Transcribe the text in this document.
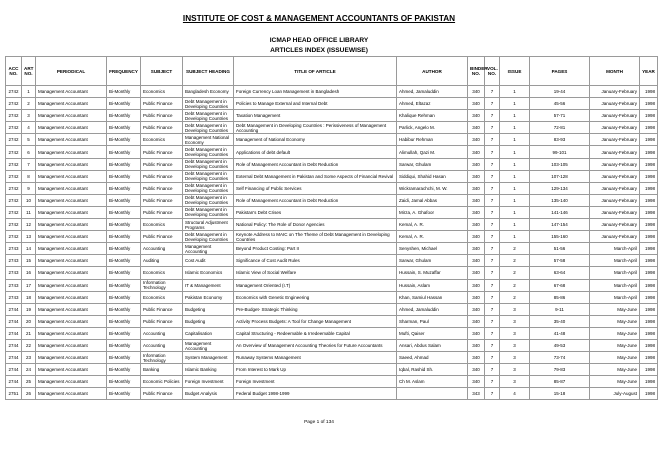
INSTITUTE OF COST & MANAGEMENT ACCOUNTANTS OF PAKISTAN
ICMAP HEAD OFFICE LIBRARY
ARTICLES INDEX (ISSUEWISE)
ACC NO.	ART NO.	PERIODICAL	FREQUENCY	SUBJECT	SUBJECT HEADING	TITLE OF ARTICLE	AUTHOR	BINDER NO.	VOL. NO.	ISSUE	PAGES	MONTH	YEAR
2742	1	Management Accountant	Bi-Monthly	Economics	Bangladesh Economy	Foreign Currency Loan Management in Bangladesh	Ahmed, Jamaluddin	340	7	1	19-44	January-February	1998
2742	2	Management Accountant	Bi-Monthly	Public Finance	Debt Management in Developing Countries	Policies to Manage External and Internal Debt	Ahmed, Eltazaz	340	7	1	45-56	January-February	1998
2742	3	Management Accountant	Bi-Monthly	Public Finance	Debt Management in Developing Countries	Taxation Management	Khalique Rehman	340	7	1	57-71	January-February	1998
2742	4	Management Accountant	Bi-Monthly	Public Finance	Debt Management in Developing Countries	Debt Management in Developing Countries : Perissiveness of Management Accounting	Parlick, Angelo M.	340	7	1	72-81	January-February	1998
2742	5	Management Accountant	Bi-Monthly	Economics	Management National Economy	Management of National Economy	Habibur Rehman	340	7	1	83-93	January-February	1998
2742	6	Management Accountant	Bi-Monthly	Public Finance	Debt Management in Developing Countries	Applications of debt default	Alimullah, Qazi M.	340	7	1	99-101	January-February	1998
2742	7	Management Accountant	Bi-Monthly	Public Finance	Debt Management in Developing Countries	Role of Management Accountant in Debt Reduction	Sarwar, Ghulam	340	7	1	103-105	January-February	1998
2742	8	Management Accountant	Bi-Monthly	Public Finance	Debt Management in Developing Countries	External Debt Management in Pakistan and Some Aspects of Financial Revival	Siddiqui, Shahid Hasan	340	7	1	107-128	January-February	1998
2742	9	Management Accountant	Bi-Monthly	Public Finance	Debt Management in Developing Countries	Self Financing of Public Services	Wickramarachchi, M. W.	340	7	1	129-134	January-February	1998
2742	10	Management Accountant	Bi-Monthly	Public Finance	Debt Management in Developing Countries	Role of Management Accountant in Debt Reduction	Zaidi, Jamal Abbas	340	7	1	135-140	January-February	1998
2742	11	Management Accountant	Bi-Monthly	Public Finance	Debt Management in Developing Countries	Pakistan's Debt Crises	Mirza, A. Ghafoor	340	7	1	141-146	January-February	1998
2742	12	Management Accountant	Bi-Monthly	Economics	Structural Adjustment Programs	National Policy: The Role of Donor Agencies	Kemal, A. R.	340	7	1	147-154	January-February	1998
2742	13	Management Accountant	Bi-Monthly	Public Finance	Debt Management in Developing Countries	Keynote Address to MAIC on The Theme of Debt Management in Developing Countries	Kemal, A. R.	340	7	1	155-160	January-February	1998
2743	14	Management Accountant	Bi-Monthly	Accounting	Management Accounting	Beyond Product Costing: Part II	Senyshen, Michael	340	7	2	51-56	March-April	1998
2743	15	Management Accountant	Bi-Monthly	Auditing	Cost Audit	Significance of Cost Audit Rules	Sarwar, Ghulam	340	7	2	57-58	March-April	1998
2743	16	Management Accountant	Bi-Monthly	Economics	Islamic Economics	Islamic View of Social Welfare	Hussain, S. Muzaffar	340	7	2	63-64	March-April	1998
2743	17	Management Accountant	Bi-Monthly	Information Technology	IT & Management	Management Oriented (I.T)	Hussain, Aslam	340	7	2	67-68	March-April	1998
2743	18	Management Accountant	Bi-Monthly	Economics	Pakistan Economy	Economics with Genetic Engineering	Khan, Samiul Hassan	340	7	2	85-86	March-April	1998
2744	19	Management Accountant	Bi-Monthly	Public Finance	Budgeting	Pre-Budget- Strategic Thinking	Ahmed, Jamaluddin	340	7	3	9-11	May-June	1998
2744	20	Management Accountant	Bi-Monthly	Public Finance	Budgeting	Activity Process Budgets: A Tool for Change Management	Sharman, Paul	340	7	3	35-40	May-June	1998
2744	21	Management Accountant	Bi-Monthly	Accounting	Capitalisation	Capital Structuring - Redeemable & Irredeemable Capital	Mufti, Qaiser	340	7	3	41-48	May-June	1998
2744	22	Management Accountant	Bi-Monthly	Accounting	Management Accounting	An Overview of Management Accounting Theories for Future Accountants	Ansari, Abdus Salam	340	7	3	49-53	May-June	1998
2744	23	Management Accountant	Bi-Monthly	Information Technology	System Management	Runaway Systems Management	Saeed, Ahmad	340	7	3	73-74	May-June	1998
2744	24	Management Accountant	Bi-Monthly	Banking	Islamic Banking	From Interest to Mark Up	Iqbal, Rashid Sh.	340	7	3	79-83	May-June	1998
2744	25	Management Accountant	Bi-Monthly	Economic Policies	Foreign Investment	Foreign Investment	Ch M. Aslam	340	7	3	85-87	May-June	1998
2751	26	Management Accountant	Bi-Monthly	Public Finance	Budget Analysis	Federal Budget 1998-1999		343	7	4	15-18	July-August	1998
Page 1 of 134
